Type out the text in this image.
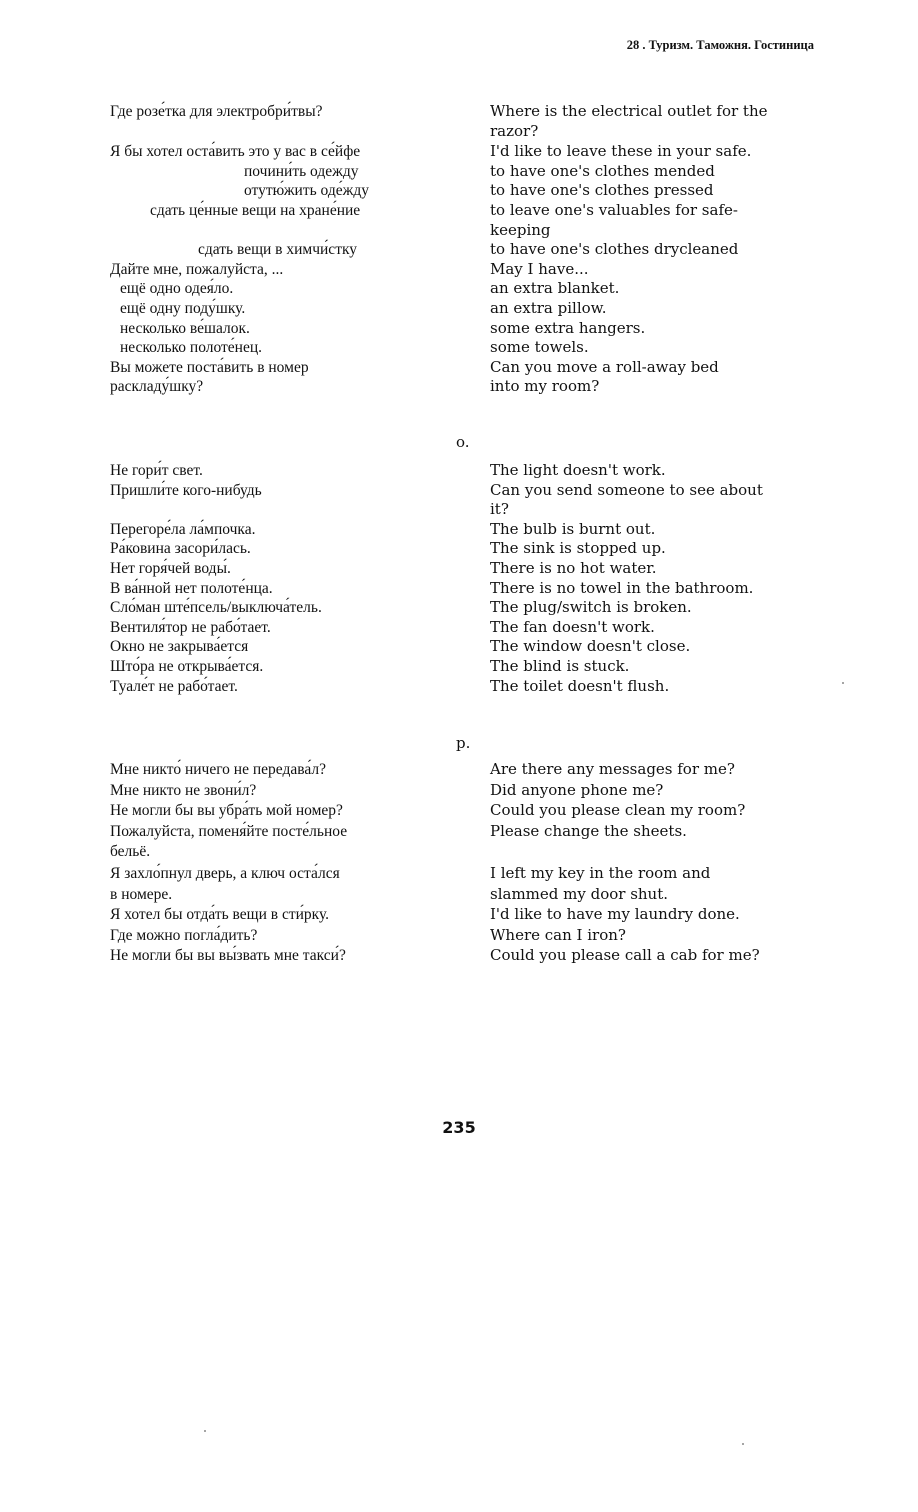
28 . Туризм. Таможня. Гостиница
Где розе́тка для электробри́твы?	Where is the electrical outlet for the
razor?
Я бы хотел оста́вить это у вас в се́йфе	I'd like to leave these in your safe.
почини́ть одежду	to have one's clothes mended
отутю́жить оде́жду	to have one's clothes pressed
сдать це́нные вещи на хране́ние	to leave one's valuables for safe-
keeping
сдать вещи в химчи́стку	to have one's clothes drycleaned
Дайте мне, пожалуйста, ...	May I have...
ещё одно одея́ло.	an extra blanket.
ещё одну поду́шку.	an extra pillow.
несколько ве́шалок.	some extra hangers.
несколько полоте́нец.	some towels.
Вы можете поста́вить в номер	Can you move a roll-away bed
раскладу́шку?	into my room?
o.
Не гори́т свет.	The light doesn't work.
Пришли́те кого-нибудь	Can you send someone to see about
it?
Перегоре́ла ла́мпочка.	The bulb is burnt out.
Ра́ковина засори́лась.	The sink is stopped up.
Нет горя́чей воды́.	There is no hot water.
В ва́нной нет полоте́нца.	There is no towel in the bathroom.
Сло́ман ште́псель/выключа́тель.	The plug/switch is broken.
Вентиля́тор не рабо́тает.	The fan doesn't work.
Окно не закрыва́ется	The window doesn't close.
Што́ра не открыва́ется.	The blind is stuck.
Туале́т не рабо́тает.	The toilet doesn't flush.
p.
Мне никто́ ничего не передава́л?	Are there any messages for me?
Мне никто не звони́л?	Did anyone phone me?
Не могли бы вы убра́ть мой номер?	Could you please clean my room?
Пожалуйста, поменя́йте посте́льное	Please change the sheets.
бельё.
Я захло́пнул дверь, а ключ оста́лся	I left my key in the room and
в номере.	slammed my door shut.
Я хотел бы отда́ть вещи в сти́рку.	I'd like to have my laundry done.
Где можно погла́дить?	Where can I iron?
Не могли бы вы вы́звать мне такси́?	Could you please call a cab for me?
235
